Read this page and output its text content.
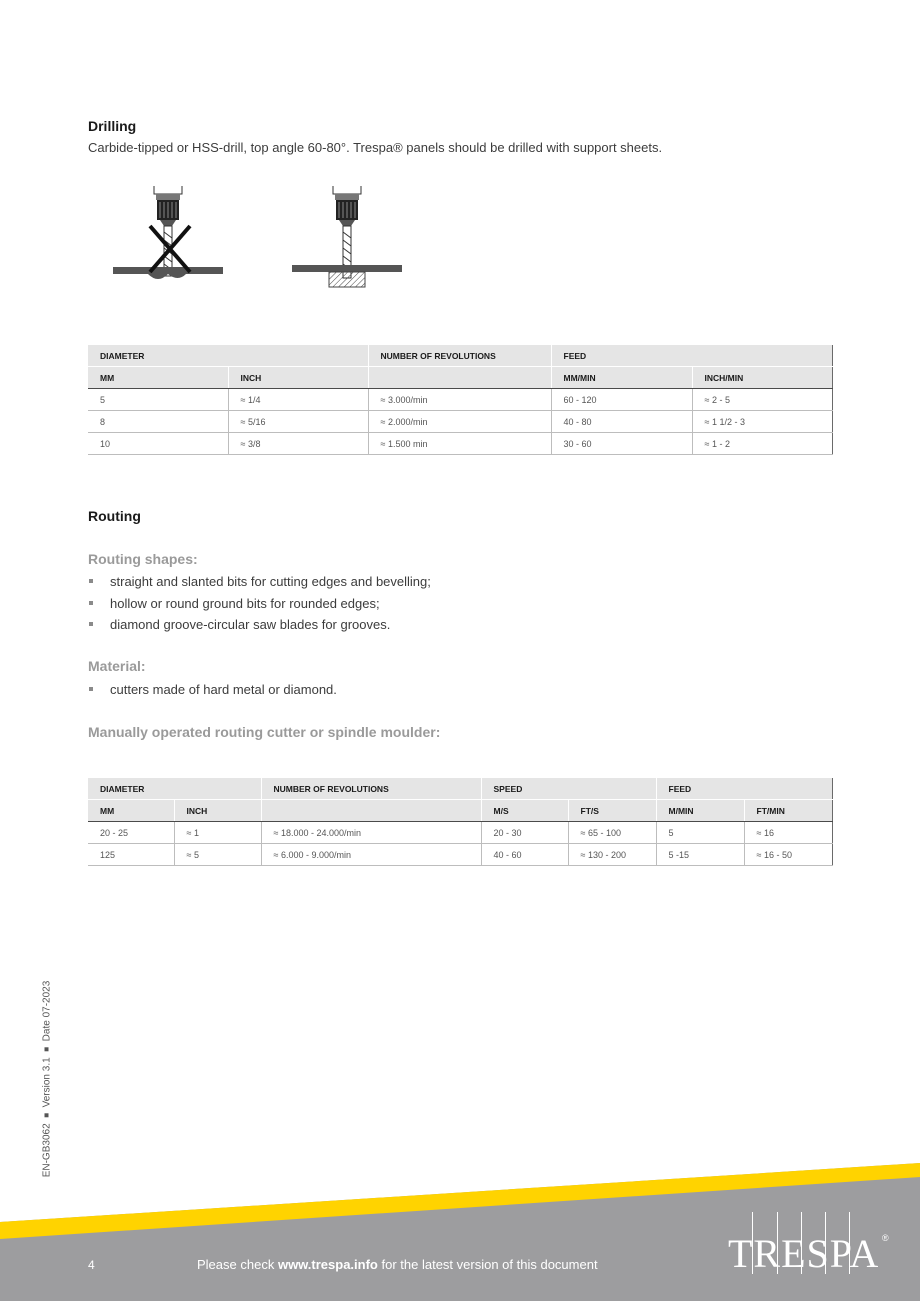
Drilling
Carbide-tipped or HSS-drill, top angle 60-80°. Trespa® panels should be drilled with support sheets.
DIAMETER		NUMBER OF REVOLUTIONS	FEED	
MM	INCH		MM/MIN	INCH/MIN
5	≈ 1/4	≈ 3.000/min	60 - 120	≈ 2 - 5
8	≈ 5/16	≈ 2.000/min	40 - 80	≈ 1 1/2 - 3
10	≈ 3/8	≈ 1.500 min	30 - 60	≈ 1 - 2
Routing
Routing shapes:
straight and slanted bits for cutting edges and bevelling;
hollow or round ground bits for rounded edges;
diamond groove-circular saw blades for grooves.
Material:
cutters made of hard metal or diamond.
Manually operated routing cutter or spindle moulder:
DIAMETER		NUMBER OF REVOLUTIONS	SPEED		FEED	
MM	INCH		M/S	FT/S	M/MIN	FT/MIN
20 - 25	≈ 1	≈ 18.000 - 24.000/min	20 - 30	≈ 65 - 100	5	≈ 16
125	≈ 5	≈ 6.000 - 9.000/min	40 - 60	≈ 130 - 200	5 -15	≈ 16 - 50
EN-GB3062Version 3.1Date 07-2023
4	Please check www.trespa.info for the latest version of this document	TRESPA ®
